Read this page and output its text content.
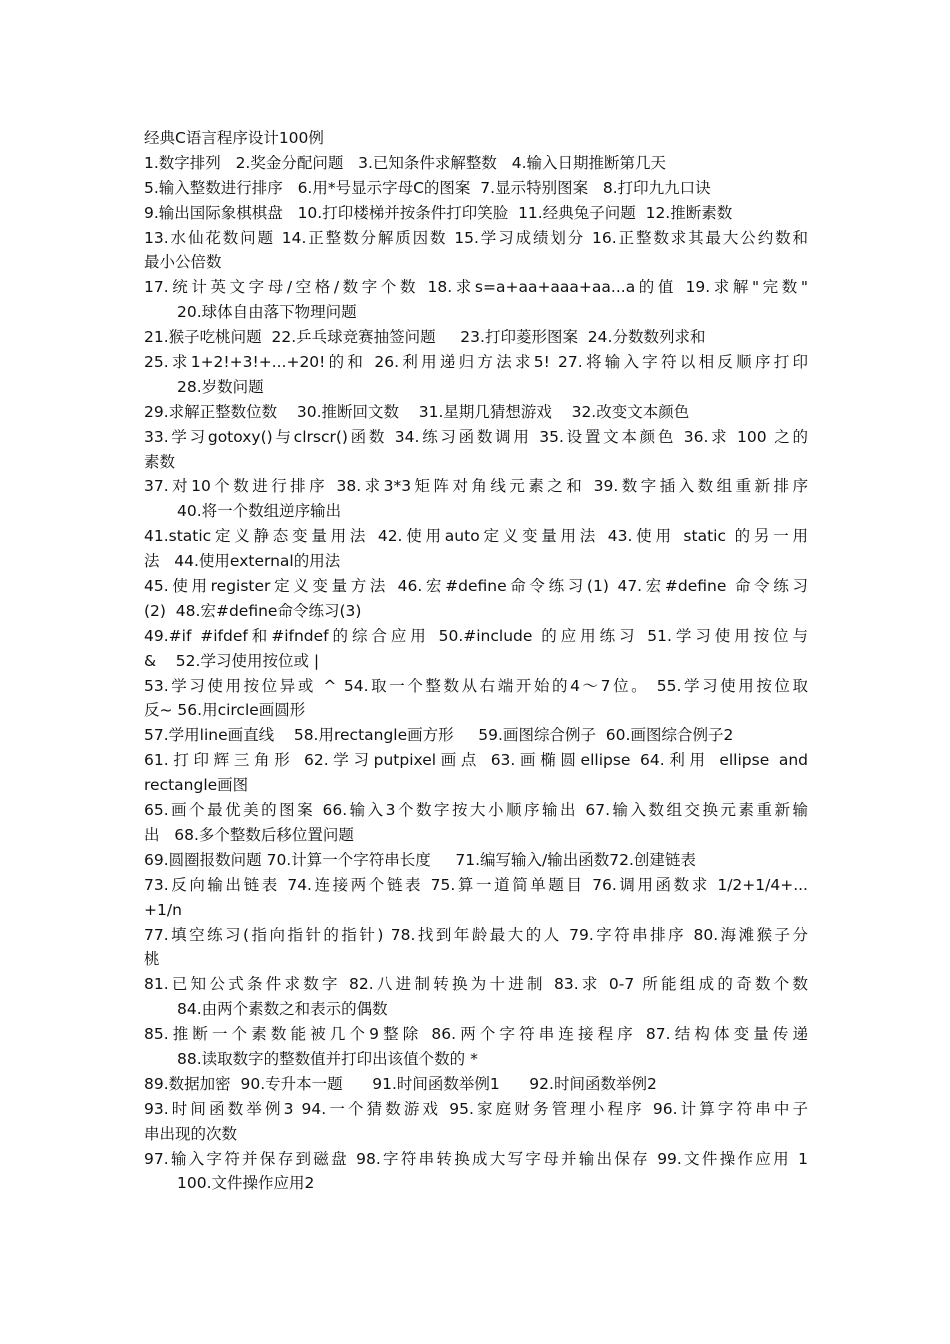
经典C语言程序设计100例
1.数字排列   2.奖金分配问题   3.已知条件求解整数   4.输入日期推断第几天
5.输入整数进行排序   6.用*号显示字母C的图案  7.显示特别图案   8.打印九九口诀
9.输出国际象棋棋盘   10.打印楼梯并按条件打印笑脸  11.经典兔子问题  12.推断素数
13.水仙花数问题 14.正整数分解质因数 15.学习成绩划分 16.正整数求其最大公约数和
最小公倍数
17.统计英文字母/空格/数字个数 18.求s=a+aa+aaa+aa...a的值 19.求解"完数"
20.球体自由落下物理问题
21.猴子吃桃问题  22.乒乓球竞赛抽签问题     23.打印菱形图案  24.分数数列求和
25.求1+2!+3!+...+20!的和 26.利用递归方法求5! 27.将输入字符以相反顺序打印
28.岁数问题
29.求解正整数位数    30.推断回文数    31.星期几猜想游戏    32.改变文本颜色
33.学习gotoxy()与clrscr()函数 34.练习函数调用 35.设置文本颜色 36.求 100 之的
素数
37.对10个数进行排序 38.求3*3矩阵对角线元素之和 39.数字插入数组重新排序
40.将一个数组逆序输出
41.static定义静态变量用法 42.使用auto定义变量用法 43.使用 static 的另一用
法   44.使用external的用法
45.使用register定义变量方法 46.宏#define命令练习(1) 47.宏#define 命令练习
(2)  48.宏#define命令练习(3)
49.#if #ifdef和#ifndef的综合应用 50.#include 的应用练习 51.学习使用按位与
&    52.学习使用按位或 |
53.学习使用按位异或 ^ 54.取一个整数从右端开始的4～7位。 55.学习使用按位取
反~ 56.用circle画圆形
57.学用line画直线    58.用rectangle画方形     59.画图综合例子  60.画图综合例子2
61.打印辉三角形 62.学习putpixel画点 63.画椭圆ellipse 64.利用 ellipse and
rectangle画图
65.画个最优美的图案 66.输入3个数字按大小顺序输出 67.输入数组交换元素重新输
出   68.多个整数后移位置问题
69.圆圈报数问题 70.计算一个字符串长度     71.编写输入/输出函数72.创建链表
73.反向输出链表 74.连接两个链表 75.算一道简单题目 76.调用函数求 1/2+1/4+...
+1/n
77.填空练习(指向指针的指针) 78.找到年龄最大的人 79.字符串排序 80.海滩猴子分
桃
81.已知公式条件求数字 82.八进制转换为十进制 83.求 0-7 所能组成的奇数个数
84.由两个素数之和表示的偶数
85.推断一个素数能被几个9整除 86.两个字符串连接程序 87.结构体变量传递
88.读取数字的整数值并打印出该值个数的 *
89.数据加密  90.专升本一题      91.时间函数举例1      92.时间函数举例2
93.时间函数举例3 94.一个猜数游戏 95.家庭财务管理小程序 96.计算字符串中子
串出现的次数
97.输入字符并保存到磁盘 98.字符串转换成大写字母并输出保存 99.文件操作应用 1
100.文件操作应用2
